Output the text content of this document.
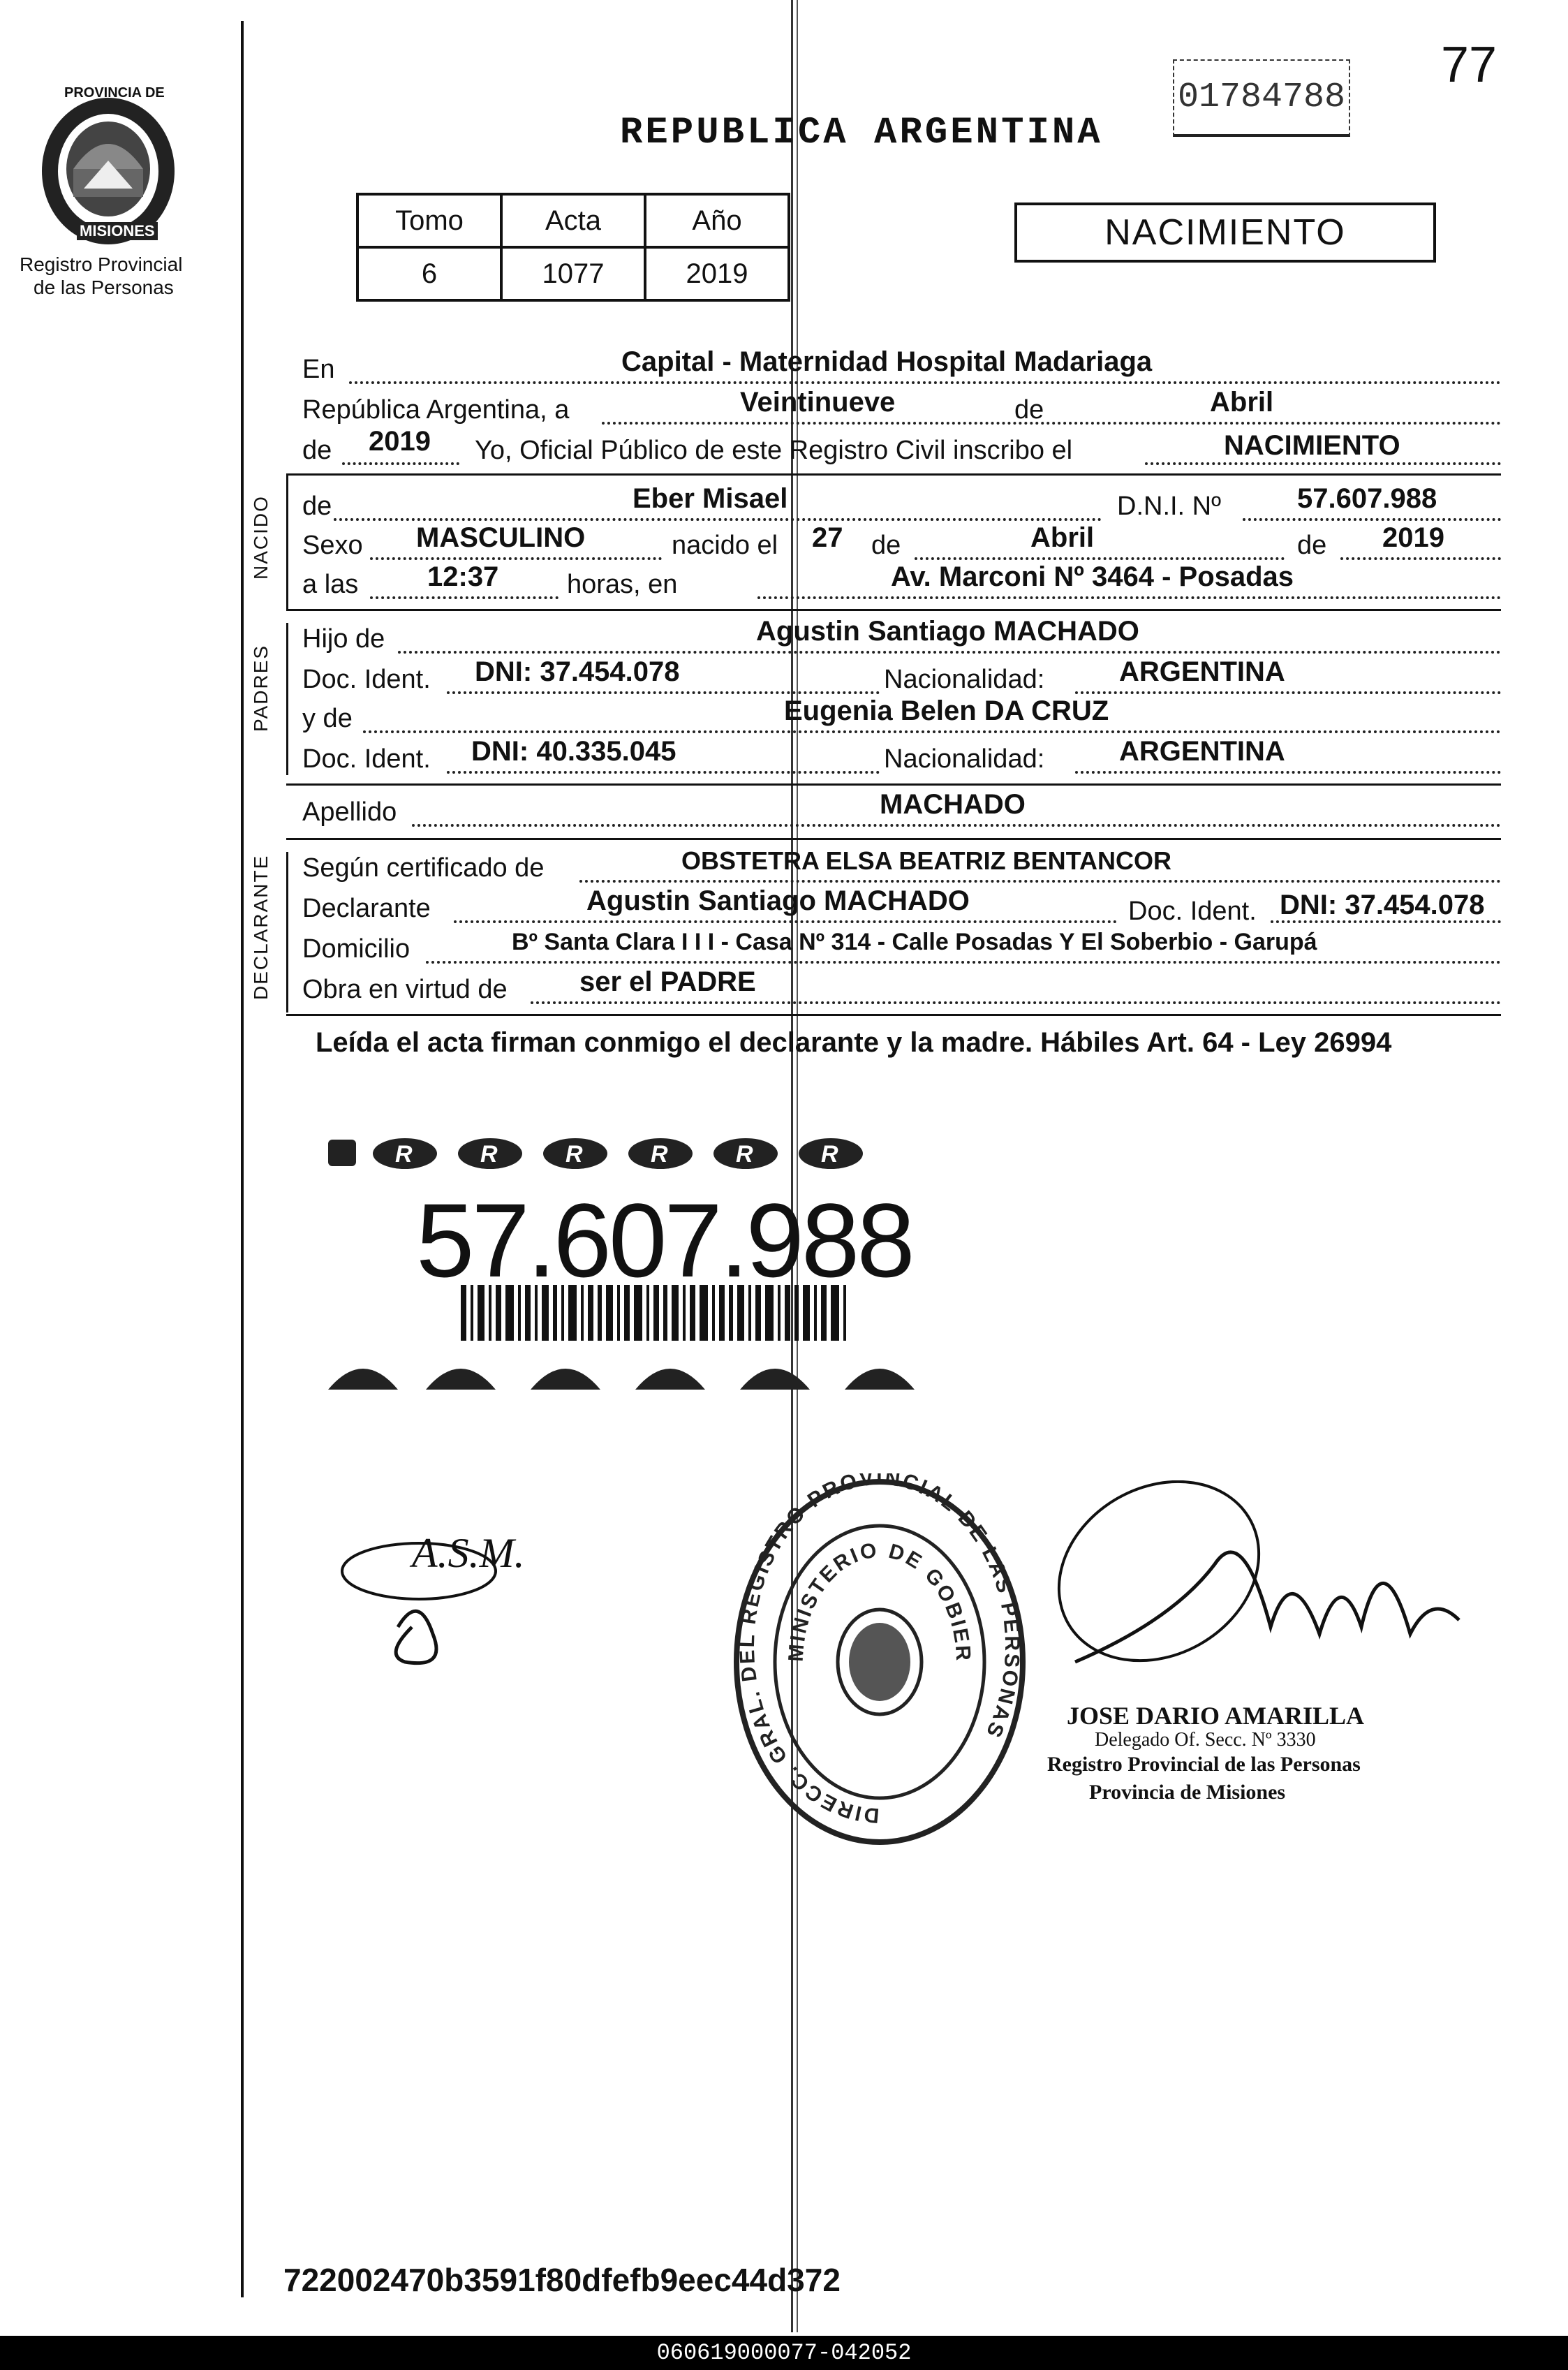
77
01784788
PROVINCIA DE
MISIONES
Registro Provincial
de las Personas
REPUBLICA ARGENTINA
Tomo	Acta	Año
6	1077	2019
NACIMIENTO
En	Capital - Maternidad Hospital Madariaga
República Argentina, a	Veintinueve	de	Abril
de 2019 Yo, Oficial Público de este Registro Civil inscribo el	NACIMIENTO
NACIDO de	Eber Misael	D.N.I. Nº	57.607.988
Sexo MASCULINO	nacido el 27 de	Abril	de 2019
a las 12:37	horas, en	Av. Marconi Nº 3464 - Posadas
PADRES
Hijo de	Agustin Santiago MACHADO
Doc. Ident. DNI: 37.454.078	Nacionalidad:	ARGENTINA
y de	Eugenia Belen DA CRUZ
Doc. Ident. DNI: 40.335.045	Nacionalidad:	ARGENTINA
Apellido	MACHADO
DECLARANTE Según certificado de	OBSTETRA ELSA BEATRIZ BENTANCOR
Declarante	Agustin Santiago MACHADO	Doc. Ident. DNI: 37.454.078
Domicilio	Bº Santa Clara I I I - Casa Nº 314 - Calle Posadas Y El Soberbio - Garupá
Obra en virtud de	ser el PADRE
Leída el acta firman conmigo el declarante y la madre. Hábiles Art. 64 - Ley 26994
R	R	R	R	R	R
57.607.988
DIRECC. GRAL. DEL REGISTRO PROVINCIAL DE LAS PERSONAS
MINISTERIO DE GOBIER
A.S.M.
JOSE DARIO AMARILLA
Delegado Of. Secc. Nº 3330
Registro Provincial de las Personas
Provincia de Misiones
722002470b3591f80dfefb9eec44d372
060619000077-042052
